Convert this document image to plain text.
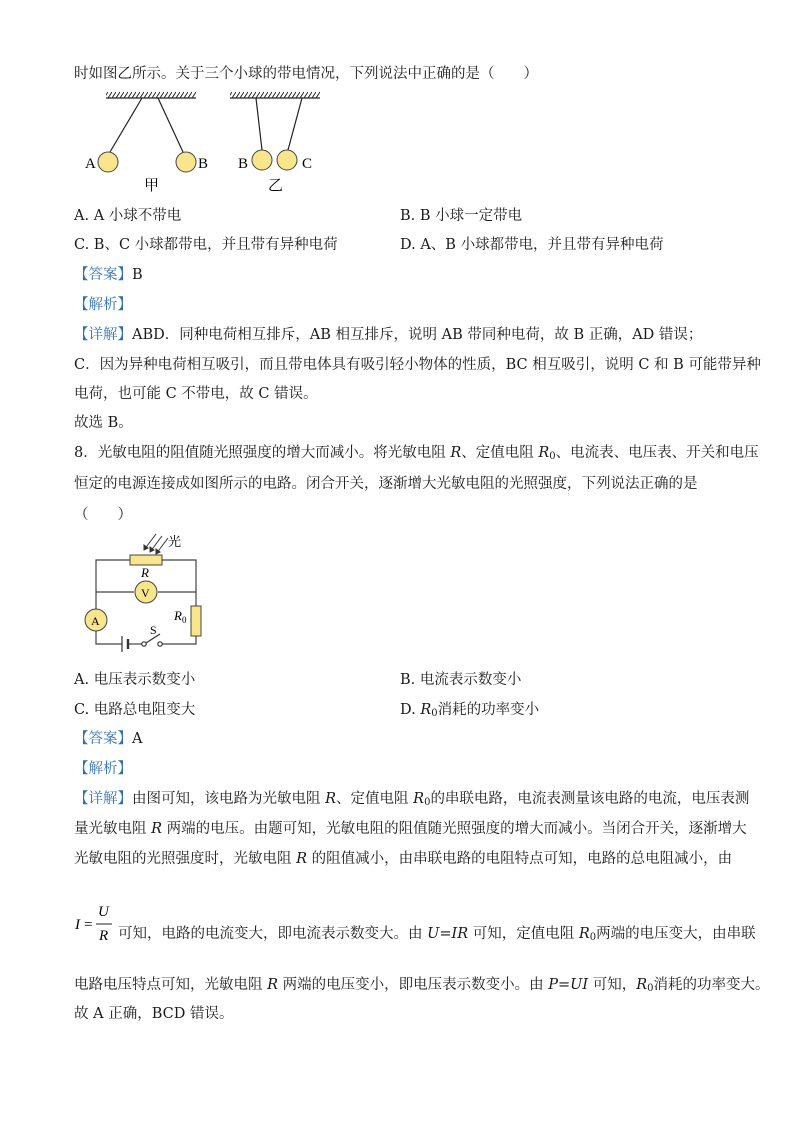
时如图乙所示。关于三个小球的带电情况，下列说法中正确的是（　　）
A	B
甲
B	C
乙
A. A 小球不带电	B. B 小球一定带电
C. B、C 小球都带电，并且带有异种电荷	D. A、B 小球都带电，并且带有异种电荷
【答案】B
【解析】
【详解】ABD．同种电荷相互排斥，AB 相互排斥，说明 AB 带同种电荷，故 B 正确，AD 错误；
C．因为异种电荷相互吸引，而且带电体具有吸引轻小物体的性质，BC 相互吸引，说明 C 和 B 可能带异种
电荷，也可能 C 不带电，故 C 错误。
故选 B。
8．光敏电阻的阻值随光照强度的增大而减小。将光敏电阻 R、定值电阻 $R_0$、电流表、电压表、开关和电压
恒定的电源连接成如图所示的电路。闭合开关，逐渐增大光敏电阻的光照强度，下列说法正确的是
（　　）
光
R
V
A	$R_0$
S
A. 电压表示数变小	B. 电流表示数变小
C. 电路总电阻变大	D. $R_0$消耗的功率变小
【答案】A
【解析】
【详解】由图可知，该电路为光敏电阻 R、定值电阻 $R_0$的串联电路，电流表测量该电路的电流，电压表测
量光敏电阻 R 两端的电压。由题可知，光敏电阻的阻值随光照强度的增大而减小。当闭合开关，逐渐增大
光敏电阻的光照强度时，光敏电阻 R 的阻值减小，由串联电路的电阻特点可知，电路的总电阻减小，由
I =
U
R 可知，电路的电流变大，即电流表示数变大。由 U=IR 可知，定值电阻 $R_0$两端的电压变大，由串联
电路电压特点可知，光敏电阻 R 两端的电压变小，即电压表示数变小。由 P=UI 可知，$R_0$消耗的功率变大。
故 A 正确，BCD 错误。
